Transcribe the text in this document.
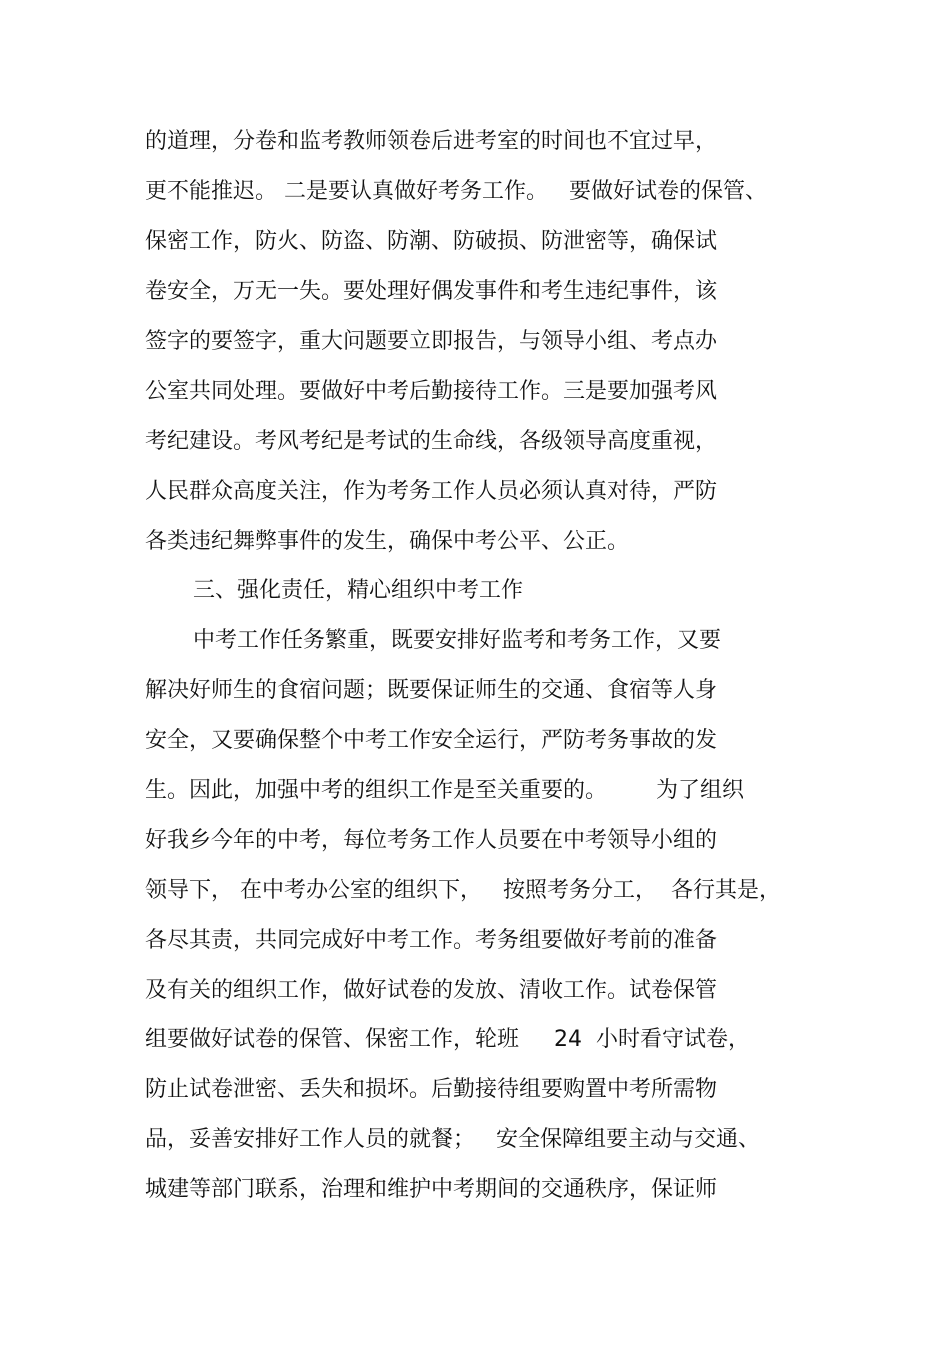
的道理，分卷和监考教师领卷后进考室的时间也不宜过早，
更不能推迟。 二是要认真做好考务工作。   要做好试卷的保管、
保密工作，防火、防盗、防潮、防破损、防泄密等，确保试
卷安全，万无一失。要处理好偶发事件和考生违纪事件，该
签字的要签字，重大问题要立即报告，与领导小组、考点办
公室共同处理。要做好中考后勤接待工作。三是要加强考风
考纪建设。考风考纪是考试的生命线，各级领导高度重视，
人民群众高度关注，作为考务工作人员必须认真对待，严防
各类违纪舞弊事件的发生，确保中考公平、公正。
三、强化责任，精心组织中考工作
中考工作任务繁重，既要安排好监考和考务工作，又要
解决好师生的食宿问题；既要保证师生的交通、食宿等人身
安全，又要确保整个中考工作安全运行，严防考务事故的发
生。因此，加强中考的组织工作是至关重要的。       为了组织
好我乡今年的中考，每位考务工作人员要在中考领导小组的
领导下， 在中考办公室的组织下，   按照考务分工，  各行其是，
各尽其责，共同完成好中考工作。考务组要做好考前的准备
及有关的组织工作，做好试卷的发放、清收工作。试卷保管
组要做好试卷的保管、保密工作，轮班     24  小时看守试卷，
防止试卷泄密、丢失和损坏。后勤接待组要购置中考所需物
品，妥善安排好工作人员的就餐；   安全保障组要主动与交通、
城建等部门联系，治理和维护中考期间的交通秩序，保证师
